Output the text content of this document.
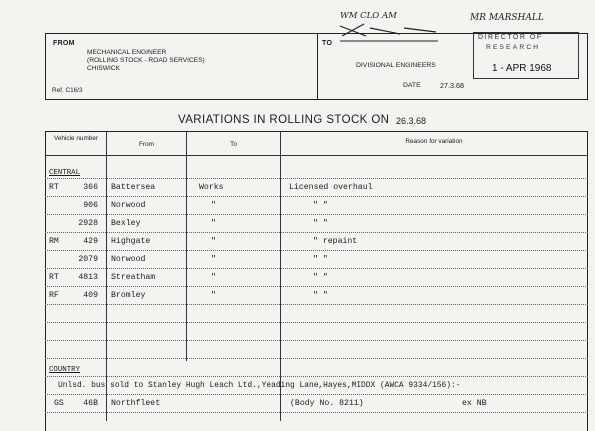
WM CLO AM	MR MARSHALL
FROM
MECHANICAL ENGINEER
(ROLLING STOCK - ROAD SERVICES)
CHISWICK
Ref. C16/3
TO
DIVISIONAL ENGINEERS
DATE	27.3.68
DIRECTOR OF
RESEARCH
1 - APR 1968
VARIATIONS IN ROLLING STOCK ON 26.3.68
Vehicle number
From	To	Reason for variation
CENTRAL
RT	366 Battersea	Works	Licensed overhaul
906 Norwood	"	" "
2928 Bexley	"	" "
RM	429 Highgate	"	" repaint
2079 Norwood	"	" "
RT	4813 Streatham	"	" "
RF	409 Bromley	"	" "
COUNTRY
Unlsd. bus sold to Stanley Hugh Leach Ltd.,Yeading Lane,Hayes,MIDDX (AWCA 9334/156):-
GS	46B Northfleet	(Body No. 8211)	ex NB
